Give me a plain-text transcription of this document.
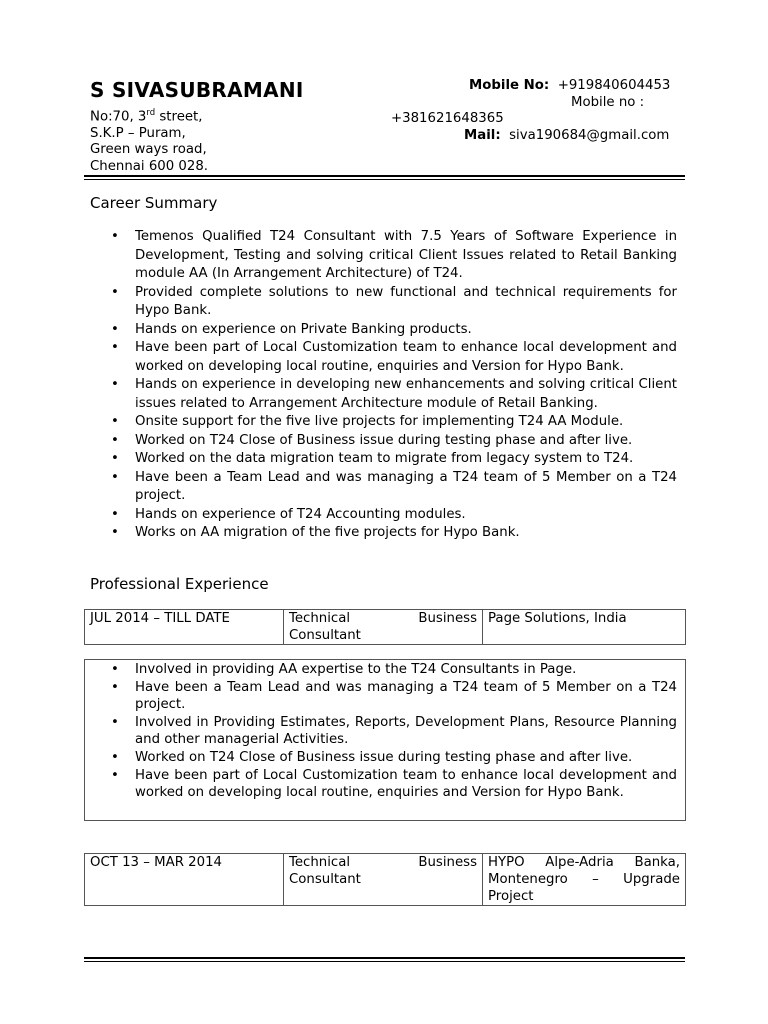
S SIVASUBRAMANI
No:70, 3rd street,
S.K.P – Puram,
Green ways road,
Chennai 600 028.
Mobile No: +919840604453
Mobile no :
+381621648365
Mail: siva190684@gmail.com
Career Summary
• Temenos Qualified T24 Consultant with 7.5 Years of Software Experience in Development, Testing and solving critical Client Issues related to Retail Banking module AA (In Arrangement Architecture) of T24.
• Provided complete solutions to new functional and technical requirements for Hypo Bank.
• Hands on experience on Private Banking products.
• Have been part of Local Customization team to enhance local development and worked on developing local routine, enquiries and Version for Hypo Bank.
• Hands on experience in developing new enhancements and solving critical Client issues related to Arrangement Architecture module of Retail Banking.
• Onsite support for the five live projects for implementing T24 AA Module.
• Worked on T24 Close of Business issue during testing phase and after live.
• Worked on the data migration team to migrate from legacy system to T24.
• Have been a Team Lead and was managing a T24 team of 5 Member on a T24 project.
• Hands on experience of T24 Accounting modules.
• Works on AA migration of the five projects for Hypo Bank.
Professional Experience
JUL 2014 – TILL DATE	Technical Business Consultant	Page Solutions, India
• Involved in providing AA expertise to the T24 Consultants in Page.
• Have been a Team Lead and was managing a T24 team of 5 Member on a T24 project.
• Involved in Providing Estimates, Reports, Development Plans, Resource Planning and other managerial Activities.
• Worked on T24 Close of Business issue during testing phase and after live.
• Have been part of Local Customization team to enhance local development and worked on developing local routine, enquiries and Version for Hypo Bank.
OCT 13 – MAR 2014	Technical Business Consultant	HYPO Alpe-Adria Banka, Montenegro – Upgrade Project
